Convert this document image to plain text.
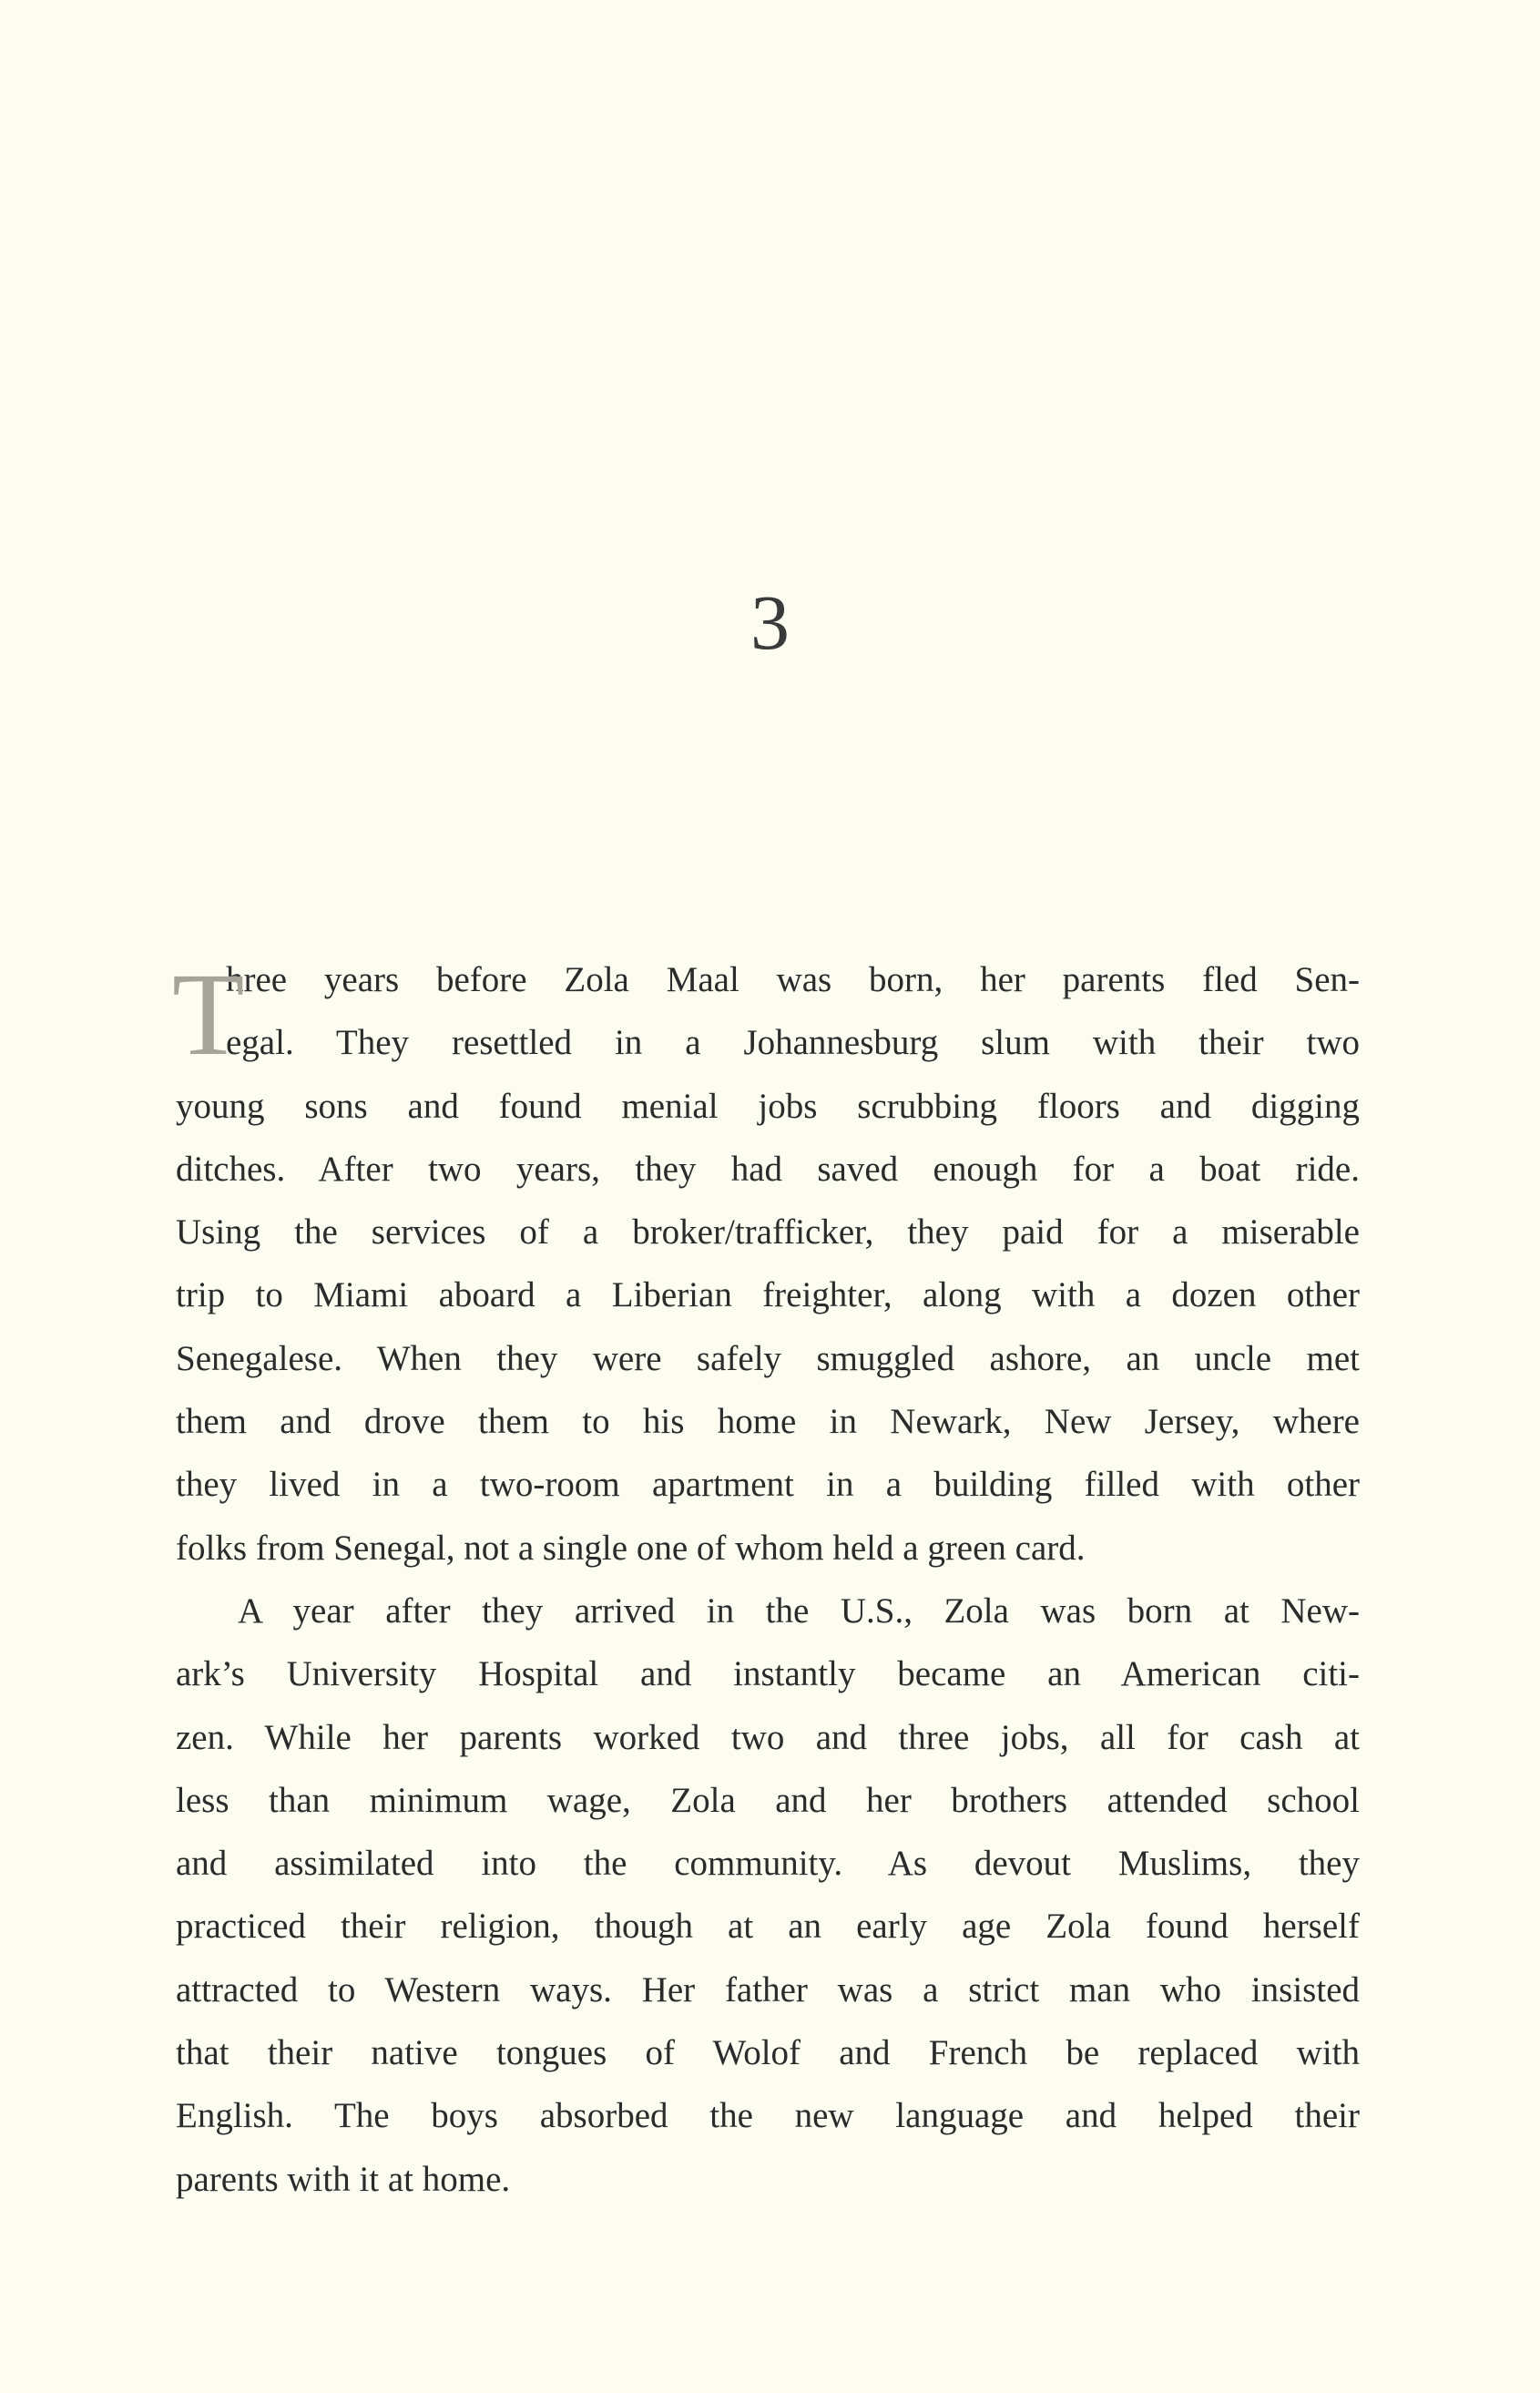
3
T
hree years before Zola Maal was born, her parents fled Sen-
egal. They resettled in a Johannesburg slum with their two
young sons and found menial jobs scrubbing floors and digging
ditches. After two years, they had saved enough for a boat ride.
Using the services of a broker/trafficker, they paid for a miserable
trip to Miami aboard a Liberian freighter, along with a dozen other
Senegalese. When they were safely smuggled ashore, an uncle met
them and drove them to his home in Newark, New Jersey, where
they lived in a two-room apartment in a building filled with other
folks from Senegal, not a single one of whom held a green card.
A year after they arrived in the U.S., Zola was born at New-
ark’s University Hospital and instantly became an American citi-
zen. While her parents worked two and three jobs, all for cash at
less than minimum wage, Zola and her brothers attended school
and assimilated into the community. As devout Muslims, they
practiced their religion, though at an early age Zola found herself
attracted to Western ways. Her father was a strict man who insisted
that their native tongues of Wolof and French be replaced with
English. The boys absorbed the new language and helped their
parents with it at home.
